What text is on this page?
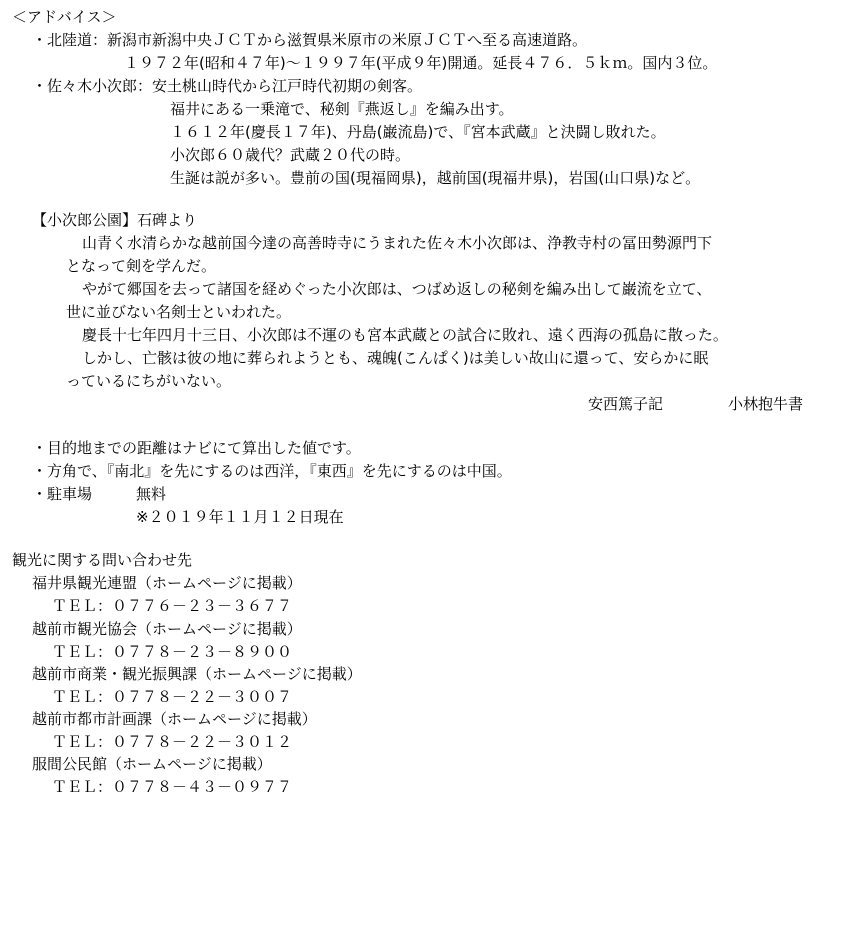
＜アドバイス＞
・北陸道：新潟市新潟中央ＪＣＴから滋賀県米原市の米原ＪＣＴへ至る高速道路。
１９７２年(昭和４７年)～１９９７年(平成９年)開通。延長４７６．５ｋｍ。国内３位。
・佐々木小次郎：安土桃山時代から江戸時代初期の剣客。
福井にある一乗滝で、秘剣『燕返し』を編み出す。
１６１２年(慶長１７年)、丹島(巌流島)で、『宮本武蔵』と決闘し敗れた。
小次郎６０歳代？武蔵２０代の時。
生誕は説が多い。豊前の国(現福岡県)，越前国(現福井県)，岩国(山口県)など。
【小次郎公園】石碑より
山青く水清らかな越前国今達の高善時寺にうまれた佐々木小次郎は、浄教寺村の冨田勢源門下
となって剣を学んだ。
やがて郷国を去って諸国を経めぐった小次郎は、つばめ返しの秘剣を編み出して巌流を立て、
世に並びない名剣士といわれた。
慶長十七年四月十三日、小次郎は不運のも宮本武蔵との試合に敗れ、遠く西海の孤島に散った。
しかし、亡骸は彼の地に葬られようとも、魂魄(こんぱく)は美しい故山に還って、安らかに眠
っているにちがいない。
安西篤子記	小林抱牛書
・目的地までの距離はナビにて算出した値です。
・方角で、『南北』を先にするのは西洋，『東西』を先にするのは中国。
・駐車場	無料
※２０１９年１１月１２日現在
観光に関する問い合わせ先
福井県観光連盟（ホームページに掲載）
ＴＥＬ：０７７６－２３－３６７７
越前市観光協会（ホームページに掲載）
ＴＥＬ：０７７８－２３－８９００
越前市商業・観光振興課（ホームページに掲載）
ＴＥＬ：０７７８－２２－３００７
越前市都市計画課（ホームページに掲載）
ＴＥＬ：０７７８－２２－３０１２
服間公民館（ホームページに掲載）
ＴＥＬ：０７７８－４３－０９７７
